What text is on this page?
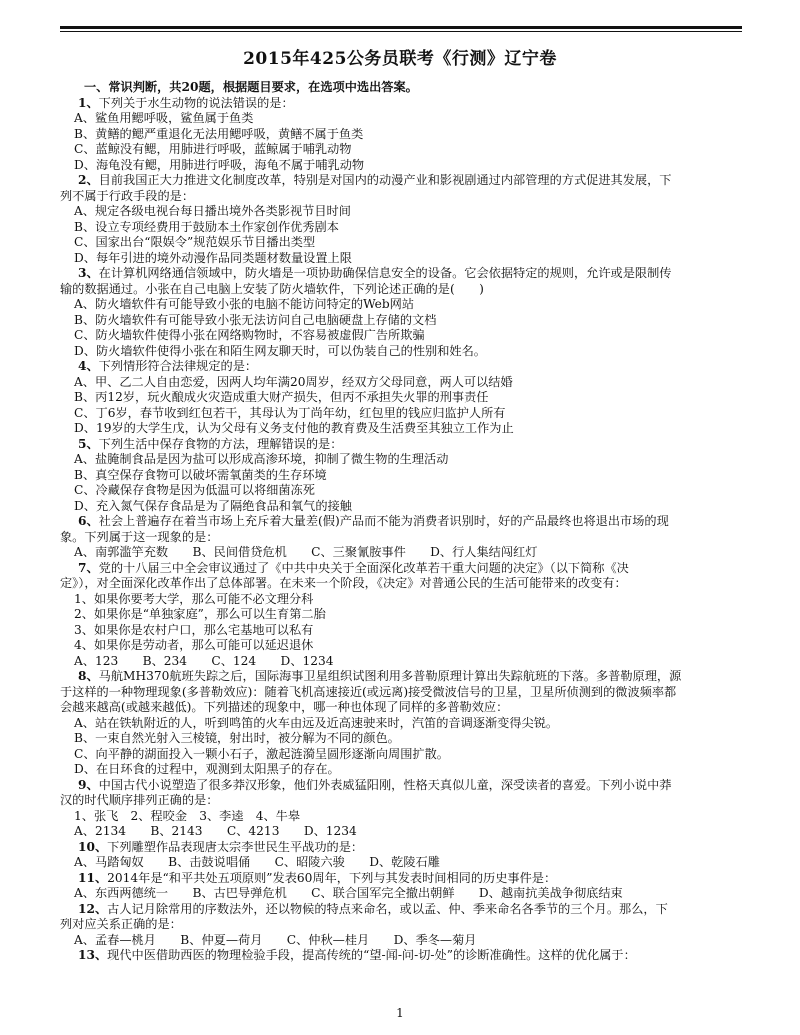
2015年425公务员联考《行测》辽宁卷
一、常识判断，共20题，根据题目要求，在选项中选出答案。
1、下列关于水生动物的说法错误的是：
A、鲨鱼用鳃呼吸，鲨鱼属于鱼类
B、黄鳝的鳃严重退化无法用鳃呼吸，黄鳝不属于鱼类
C、蓝鲸没有鳃，用肺进行呼吸，蓝鲸属于哺乳动物
D、海龟没有鳃，用肺进行呼吸，海龟不属于哺乳动物
2、目前我国正大力推进文化制度改革，特别是对国内的动漫产业和影视剧通过内部管理的方式促进其发展，下
列不属于行政手段的是：
A、规定各级电视台每日播出境外各类影视节目时间
B、设立专项经费用于鼓励本土作家创作优秀剧本
C、国家出台“限娱令”规范娱乐节目播出类型
D、每年引进的境外动漫作品同类题材数量设置上限
3、在计算机网络通信领域中，防火墙是一项协助确保信息安全的设备。它会依据特定的规则，允许或是限制传
输的数据通过。小张在自己电脑上安装了防火墙软件，下列论述正确的是(　　)
A、防火墙软件有可能导致小张的电脑不能访问特定的Web网站
B、防火墙软件有可能导致小张无法访问自己电脑硬盘上存储的文档
C、防火墙软件使得小张在网络购物时，不容易被虚假广告所欺骗
D、防火墙软件使得小张在和陌生网友聊天时，可以伪装自己的性别和姓名。
4、下列情形符合法律规定的是：
A、甲、乙二人自由恋爱，因两人均年满20周岁，经双方父母同意，两人可以结婚
B、丙12岁，玩火酿成火灾造成重大财产损失，但丙不承担失火罪的刑事责任
C、丁6岁，春节收到红包若干，其母认为丁尚年幼，红包里的钱应归监护人所有
D、19岁的大学生戊，认为父母有义务支付他的教育费及生活费至其独立工作为止
5、下列生活中保存食物的方法，理解错误的是：
A、盐腌制食品是因为盐可以形成高渗环境，抑制了微生物的生理活动
B、真空保存食物可以破坏需氧菌类的生存环境
C、冷藏保存食物是因为低温可以将细菌冻死
D、充入氮气保存食品是为了隔绝食品和氧气的接触
6、社会上普遍存在着当市场上充斥着大量差(假)产品而不能为消费者识别时，好的产品最终也将退出市场的现
象。下列属于这一现象的是：
A、南郭滥竽充数　　B、民间借贷危机　　C、三聚氰胺事件　　D、行人集结闯红灯
7、党的十八届三中全会审议通过了《中共中央关于全面深化改革若干重大问题的决定》（以下简称《决
定》），对全面深化改革作出了总体部署。在未来一个阶段，《决定》对普通公民的生活可能带来的改变有：
1、如果你要考大学，那么可能不必文理分科
2、如果你是“单独家庭”，那么可以生育第二胎
3、如果你是农村户口，那么宅基地可以私有
4、如果你是劳动者，那么可能可以延迟退休
A、123　　B、234　　C、124　　D、1234
8、马航MH370航班失踪之后，国际海事卫星组织试图利用多普勒原理计算出失踪航班的下落。多普勒原理，源
于这样的一种物理现象(多普勒效应)：随着飞机高速接近(或远离)接受微波信号的卫星，卫星所侦测到的微波频率都
会越来越高(或越来越低)。下列描述的现象中，哪一种也体现了同样的多普勒效应：
A、站在铁轨附近的人，听到鸣笛的火车由远及近高速驶来时，汽笛的音调逐渐变得尖锐。
B、一束自然光射入三棱镜，射出时，被分解为不同的颜色。
C、向平静的湖面投入一颗小石子，激起涟漪呈圆形逐渐向周围扩散。
D、在日环食的过程中，观测到太阳黑子的存在。
9、中国古代小说塑造了很多莽汉形象，他们外表威猛阳刚，性格天真似儿童，深受读者的喜爱。下列小说中莽
汉的时代顺序排列正确的是：
1、张飞　2、程咬金　3、李逵　4、牛皋
A、2134　　B、2143　　C、4213　　D、1234
10、下列雕塑作品表现唐太宗李世民生平战功的是：
A、马踏匈奴　　B、击鼓说唱俑　　C、昭陵六骏　　D、乾陵石雕
11、2014年是“和平共处五项原则”发表60周年，下列与其发表时间相同的历史事件是：
A、东西两德统一　　B、古巴导弹危机　　C、联合国军完全撤出朝鲜　　D、越南抗美战争彻底结束
12、古人记月除常用的序数法外，还以物候的特点来命名，或以孟、仲、季来命名各季节的三个月。那么，下
列对应关系正确的是：
A、孟春—桃月　　B、仲夏—荷月　　C、仲秋—桂月　　D、季冬—菊月
13、现代中医借助西医的物理检验手段，提高传统的“望-闻-问-切-处”的诊断准确性。这样的优化属于：
1
